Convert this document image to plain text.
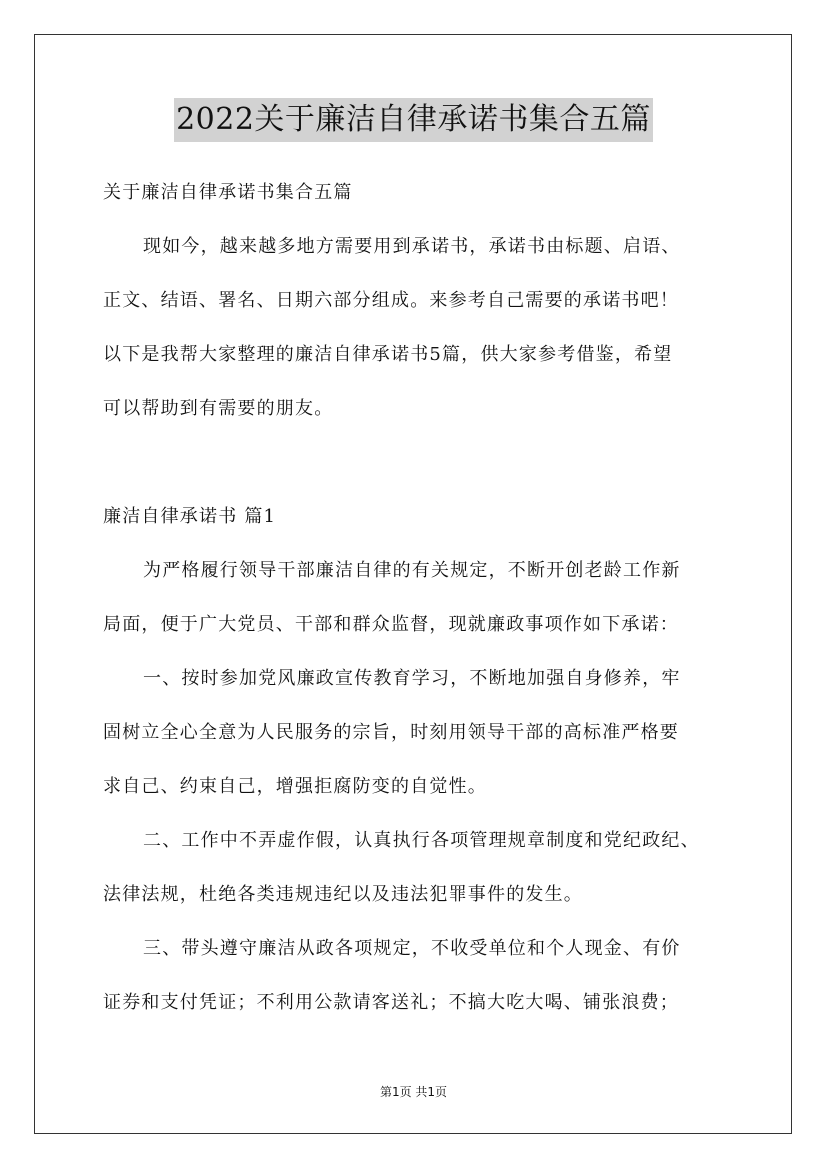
2022关于廉洁自律承诺书集合五篇
关于廉洁自律承诺书集合五篇
现如今，越来越多地方需要用到承诺书，承诺书由标题、启语、
正文、结语、署名、日期六部分组成。来参考自己需要的承诺书吧！
以下是我帮大家整理的廉洁自律承诺书5篇，供大家参考借鉴，希望
可以帮助到有需要的朋友。
廉洁自律承诺书 篇1
为严格履行领导干部廉洁自律的有关规定，不断开创老龄工作新
局面，便于广大党员、干部和群众监督，现就廉政事项作如下承诺：
一、按时参加党风廉政宣传教育学习，不断地加强自身修养，牢
固树立全心全意为人民服务的宗旨，时刻用领导干部的高标准严格要
求自己、约束自己，增强拒腐防变的自觉性。
二、工作中不弄虚作假，认真执行各项管理规章制度和党纪政纪、
法律法规，杜绝各类违规违纪以及违法犯罪事件的发生。
三、带头遵守廉洁从政各项规定，不收受单位和个人现金、有价
证券和支付凭证；不利用公款请客送礼；不搞大吃大喝、铺张浪费；
第1页 共1页
